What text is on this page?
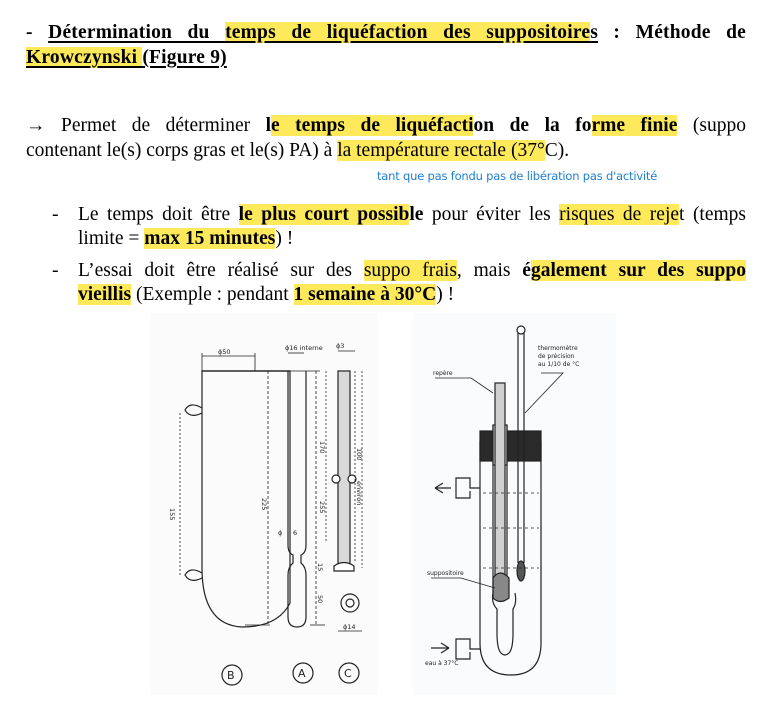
- Détermination du temps de liquéfaction des suppositoires : Méthode de
Krowczynski (Figure 9)
→ Permet de déterminer le temps de liquéfaction de la forme finie (suppo
contenant le(s) corps gras et le(s) PA) à la température rectale (37°C).
tant que pas fondu pas de libération pas d'activité
- Le temps doit être le plus court possible pour éviter les risques de rejet (temps
limite = max 15 minutes) !
- L’essai doit être réalisé sur des suppo frais, mais également sur des suppo
vieillis (Exemple : pendant 1 semaine à 30°C) !
ϕ50	ϕ16 interne ϕ3
155
225
170
255
100
environ
ϕ 6
15
50
ϕ14
B	A	C
repère
thermomètre
de précision
au 1/10 de °C
suppositoire
eau à 37°C
